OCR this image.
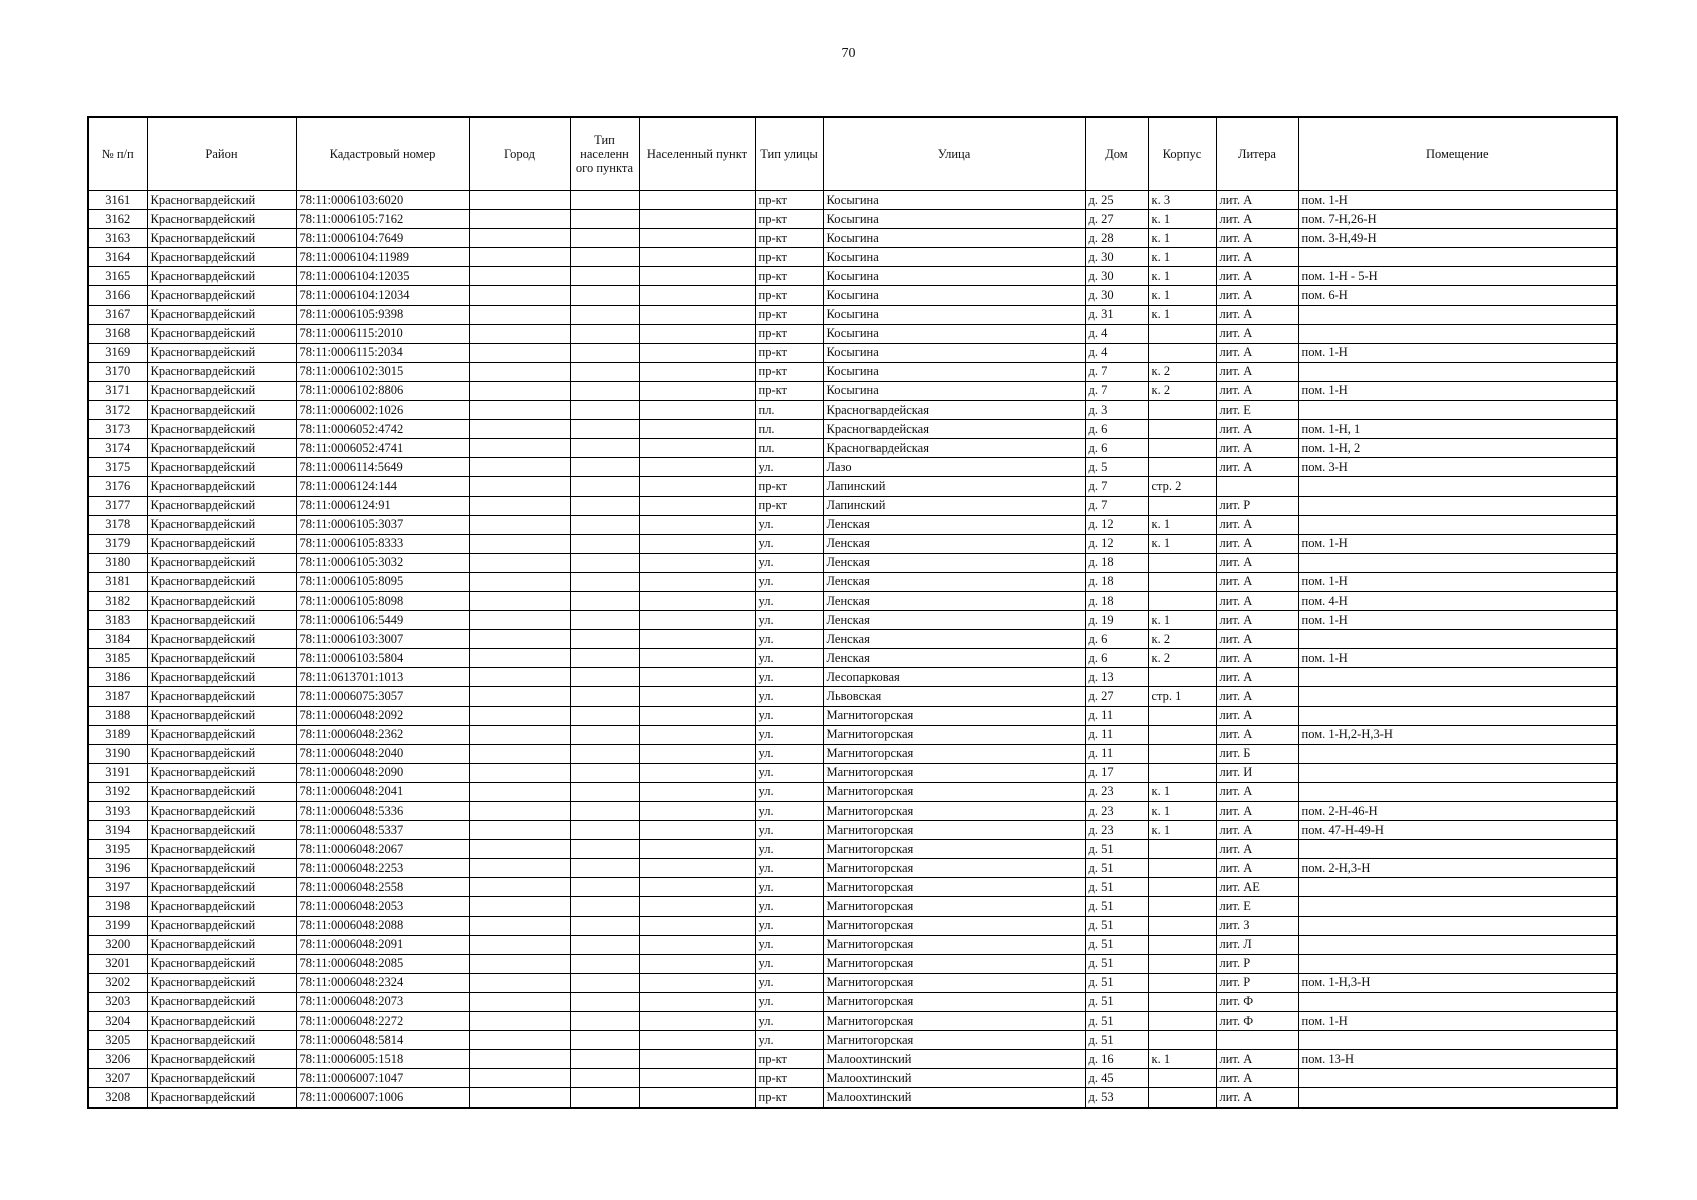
70
№ п/п	Район	Кадастровый номер	Город	Тип населенн ого пункта	Населенный пункт	Тип улицы	Улица	Дом	Корпус	Литера	Помещение
3161	Красногвардейский	78:11:0006103:6020				пр-кт	Косыгина	д. 25	к. 3	лит. А	пом. 1-Н
3162	Красногвардейский	78:11:0006105:7162				пр-кт	Косыгина	д. 27	к. 1	лит. А	пом. 7-Н,26-Н
3163	Красногвардейский	78:11:0006104:7649				пр-кт	Косыгина	д. 28	к. 1	лит. А	пом. 3-Н,49-Н
3164	Красногвардейский	78:11:0006104:11989				пр-кт	Косыгина	д. 30	к. 1	лит. А	
3165	Красногвардейский	78:11:0006104:12035				пр-кт	Косыгина	д. 30	к. 1	лит. А	пом. 1-Н - 5-Н
3166	Красногвардейский	78:11:0006104:12034				пр-кт	Косыгина	д. 30	к. 1	лит. А	пом. 6-Н
3167	Красногвардейский	78:11:0006105:9398				пр-кт	Косыгина	д. 31	к. 1	лит. А	
3168	Красногвардейский	78:11:0006115:2010				пр-кт	Косыгина	д. 4		лит. А	
3169	Красногвардейский	78:11:0006115:2034				пр-кт	Косыгина	д. 4		лит. А	пом. 1-Н
3170	Красногвардейский	78:11:0006102:3015				пр-кт	Косыгина	д. 7	к. 2	лит. А	
3171	Красногвардейский	78:11:0006102:8806				пр-кт	Косыгина	д. 7	к. 2	лит. А	пом. 1-Н
3172	Красногвардейский	78:11:0006002:1026				пл.	Красногвардейская	д. 3		лит. Е	
3173	Красногвардейский	78:11:0006052:4742				пл.	Красногвардейская	д. 6		лит. А	пом. 1-Н, 1
3174	Красногвардейский	78:11:0006052:4741				пл.	Красногвардейская	д. 6		лит. А	пом. 1-Н, 2
3175	Красногвардейский	78:11:0006114:5649				ул.	Лазо	д. 5		лит. А	пом. 3-Н
3176	Красногвардейский	78:11:0006124:144				пр-кт	Лапинский	д. 7	стр. 2		
3177	Красногвардейский	78:11:0006124:91				пр-кт	Лапинский	д. 7		лит. Р	
3178	Красногвардейский	78:11:0006105:3037				ул.	Ленская	д. 12	к. 1	лит. А	
3179	Красногвардейский	78:11:0006105:8333				ул.	Ленская	д. 12	к. 1	лит. А	пом. 1-Н
3180	Красногвардейский	78:11:0006105:3032				ул.	Ленская	д. 18		лит. А	
3181	Красногвардейский	78:11:0006105:8095				ул.	Ленская	д. 18		лит. А	пом. 1-Н
3182	Красногвардейский	78:11:0006105:8098				ул.	Ленская	д. 18		лит. А	пом. 4-Н
3183	Красногвардейский	78:11:0006106:5449				ул.	Ленская	д. 19	к. 1	лит. А	пом. 1-Н
3184	Красногвардейский	78:11:0006103:3007				ул.	Ленская	д. 6	к. 2	лит. А	
3185	Красногвардейский	78:11:0006103:5804				ул.	Ленская	д. 6	к. 2	лит. А	пом. 1-Н
3186	Красногвардейский	78:11:0613701:1013				ул.	Лесопарковая	д. 13		лит. А	
3187	Красногвардейский	78:11:0006075:3057				ул.	Львовская	д. 27	стр. 1	лит. А	
3188	Красногвардейский	78:11:0006048:2092				ул.	Магнитогорская	д. 11		лит. А	
3189	Красногвардейский	78:11:0006048:2362				ул.	Магнитогорская	д. 11		лит. А	пом. 1-Н,2-Н,3-Н
3190	Красногвардейский	78:11:0006048:2040				ул.	Магнитогорская	д. 11		лит. Б	
3191	Красногвардейский	78:11:0006048:2090				ул.	Магнитогорская	д. 17		лит. И	
3192	Красногвардейский	78:11:0006048:2041				ул.	Магнитогорская	д. 23	к. 1	лит. А	
3193	Красногвардейский	78:11:0006048:5336				ул.	Магнитогорская	д. 23	к. 1	лит. А	пом. 2-Н-46-Н
3194	Красногвардейский	78:11:0006048:5337				ул.	Магнитогорская	д. 23	к. 1	лит. А	пом. 47-Н-49-Н
3195	Красногвардейский	78:11:0006048:2067				ул.	Магнитогорская	д. 51		лит. А	
3196	Красногвардейский	78:11:0006048:2253				ул.	Магнитогорская	д. 51		лит. А	пом. 2-Н,3-Н
3197	Красногвардейский	78:11:0006048:2558				ул.	Магнитогорская	д. 51		лит. АЕ	
3198	Красногвардейский	78:11:0006048:2053				ул.	Магнитогорская	д. 51		лит. Е	
3199	Красногвардейский	78:11:0006048:2088				ул.	Магнитогорская	д. 51		лит. З	
3200	Красногвардейский	78:11:0006048:2091				ул.	Магнитогорская	д. 51		лит. Л	
3201	Красногвардейский	78:11:0006048:2085				ул.	Магнитогорская	д. 51		лит. Р	
3202	Красногвардейский	78:11:0006048:2324				ул.	Магнитогорская	д. 51		лит. Р	пом. 1-Н,3-Н
3203	Красногвардейский	78:11:0006048:2073				ул.	Магнитогорская	д. 51		лит. Ф	
3204	Красногвардейский	78:11:0006048:2272				ул.	Магнитогорская	д. 51		лит. Ф	пом. 1-Н
3205	Красногвардейский	78:11:0006048:5814				ул.	Магнитогорская	д. 51			
3206	Красногвардейский	78:11:0006005:1518				пр-кт	Малоохтинский	д. 16	к. 1	лит. А	пом. 13-Н
3207	Красногвардейский	78:11:0006007:1047				пр-кт	Малоохтинский	д. 45		лит. А	
3208	Красногвардейский	78:11:0006007:1006				пр-кт	Малоохтинский	д. 53		лит. А	
